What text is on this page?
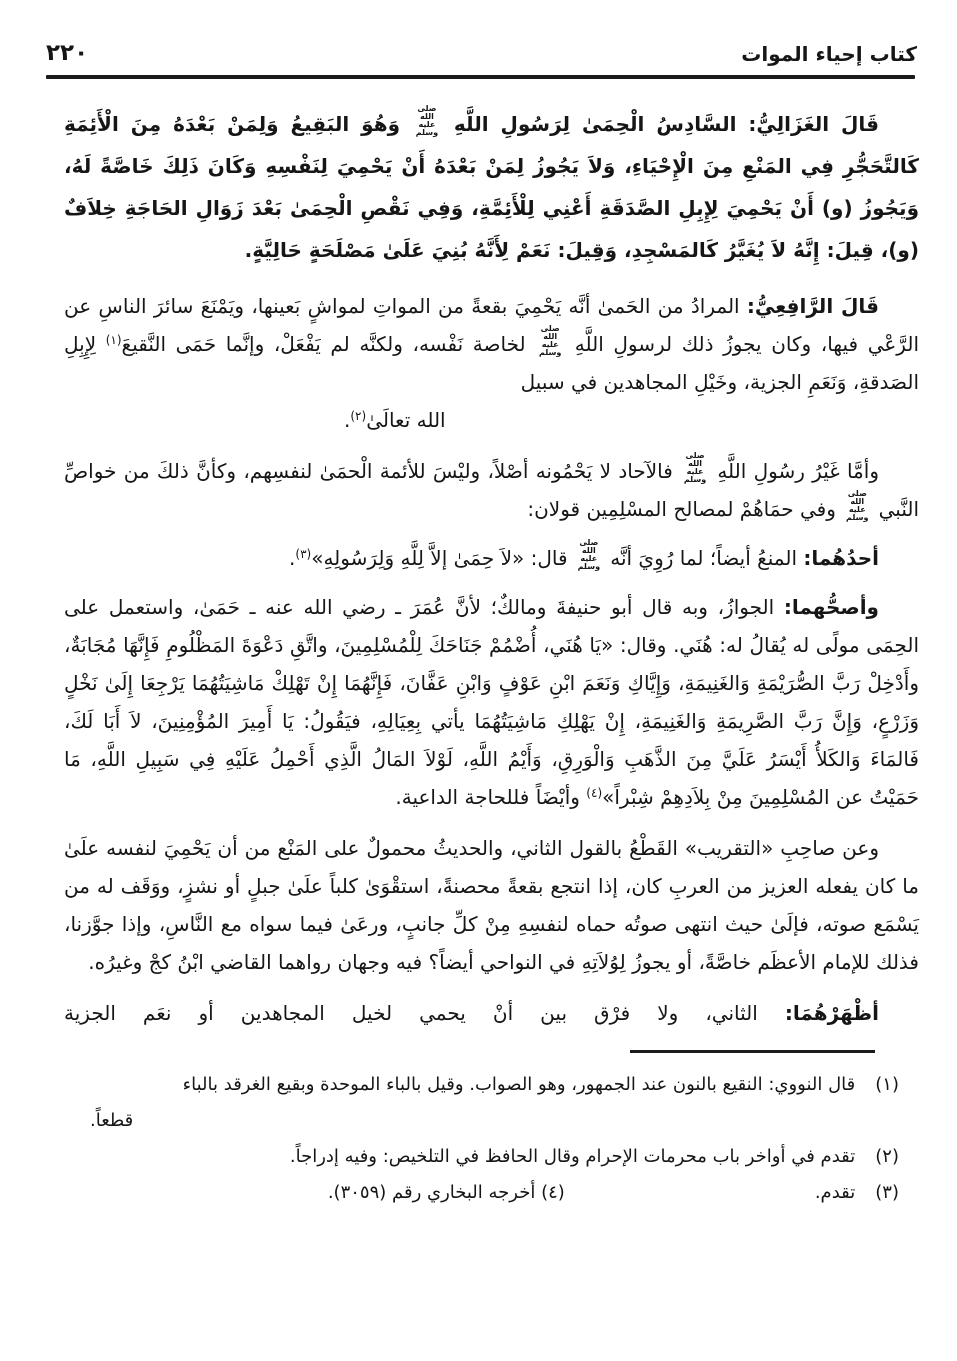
كتاب إحياء الموات
٢٢٠
قَالَ الغَزَالِيُّ: السَّادِسُ الْحِمَىٰ لِرَسُولِ اللَّهِ صلى الله عليه وسلم وَهُوَ البَقِيعُ وَلِمَنْ بَعْدَهُ مِنَ الْأَئِمَةِ كَالتَّحَجُّرِ فِي المَنْعِ مِنَ الْإِحْيَاءِ، وَلاَ يَجُوزُ لِمَنْ بَعْدَهُ أَنْ يَحْمِيَ لِنَفْسِهِ وَكَانَ ذَلِكَ خَاصَّةً لَهُ، وَيَجُوزُ (و) أَنْ يَحْمِيَ لِإِبِلِ الصَّدَقَةِ أَعْنِي لِلْأَئِمَّةِ، وَفِي نَقْصِ الْحِمَىٰ بَعْدَ زَوَالِ الحَاجَةِ خِلاَفٌ (و)، قِيلَ: إِنَّهُ لاَ يُغَيَّرُ كَالمَسْجِدِ، وَقِيلَ: نَعَمْ لِأَنَّهُ بُنِيَ عَلَىٰ مَصْلَحَةٍ حَالِيَّةٍ.
قَالَ الرَّافِعِيُّ: المرادُ من الحَمىٰ أنَّه يَحْمِيَ بقعةً من المواتِ لمواشٍ بَعينها، ويَمْنَعَ سائرَ الناسِ عن الرَّعْي فيها، وكان يجوزُ ذلك لرسولِ اللَّهِ صلى الله عليه وسلم لخاصة نَفْسه، ولكنَّه لم يَفْعَلْ، وإنَّما حَمَى النَّقيعَ$^{(١)}$ لِإِبِلِ الصَدقةِ، وَنَعَمِ الجزية، وخَيْلِ المجاهدين في سبيل
الله تعالَىٰ$^{(٢)}$.
وأمَّا غَيْرُ رسُولِ اللَّهِ صلى الله عليه وسلم فالآحاد لا يَحْمُونه أصْلاً، وليْسَ للأئمة الْحمَىٰ لنفسِهم، وكأنَّ ذلكَ من خواصِّ النَّبي صلى الله عليه وسلم وفي حمَاهُمْ لمصالح المسْلِمِين قولان:
أحدُهُما: المنعُ أيضاً؛ لما رُوِيَ أنَّه صلى الله عليه وسلم قال: «لاَ حِمَىٰ إلاَّ لِلَّهِ وَلِرَسُولِهِ»$^{(٣)}$.
وأصحُّهما: الجوازُ، وبه قال أبو حنيفةَ ومالكٌ؛ لأنَّ عُمَرَ ـ رضي الله عنه ـ حَمَىٰ، واستعمل على الحِمَى مولًى له يُقالُ له: هُنَي. وقال: «يَا هُنَي، أُضْمُمْ جَنَاحَكَ لِلْمُسْلِمِينَ، واتَّقِ دَعْوَةَ المَظْلُومِ فَإِنَّهَا مُجَابَةٌ، وأَدْخِلْ رَبَّ الصُّرَيْمَةِ وَالغَنِيمَةِ، وَإِيَّاكِ وَنَعَمَ ابْنِ عَوْفٍ وَابْنِ عَفَّانَ، فَإِنَّهُمَا إِنْ تَهْلِكْ مَاشِيَتُهُمَا يَرْجِعَا إِلَىٰ نَخْلٍ وَزَرْعٍ، وَإِنَّ رَبَّ الصَّرِيمَةِ وَالغَنِيمَةِ، إِنْ يَهْلِكِ مَاشِيَتُهُمَا يأتي بِعِيَالِهِ، فيَقُولُ: يَا أَمِيرَ المُؤْمِنِينَ، لاَ أَبَا لَكَ، فَالمَاءَ وَالكَلأُ أَيْسَرُ عَلَيَّ مِنَ الذَّهَبِ وَالْوَرِقِ، وَأَيْمُ اللَّهِ، لَوْلاَ المَالُ الَّذِي أَحْمِلُ عَلَيْهِ فِي سَبِيلِ اللَّهِ، مَا حَمَيْتُ عن المُسْلِمِينَ مِنْ بِلاَدِهِمْ شِبْراً»$^{(٤)}$ وأيْضَاً فللحاجة الداعية.
وعن صاحِبِ «التقريب» القَطْعُ بالقول الثاني، والحديثُ محمولٌ على المَنْع من أن يَحْمِيَ لنفسه علَىٰ ما كان يفعله العزيز من العربِ كان، إذا انتجع بقعةً محصنةً، استقْوَىٰ كلباً علَىٰ جبلٍ أو نشزٍ، ووَقَف له من يَسْمَع صوته، فإلَىٰ حيث انتهى صوتُه حماه لنفسِهِ مِنْ كلِّ جانبٍ، ورعَىٰ فيما سواه مع النَّاسِ، وإذا جوَّزنا، فذلك للإمام الأعظَم خاصَّةً، أو يجوزُ لِوُلاَتِهِ في النواحي أيضاً؟ فيه وجهان رواهما القاضي ابْنُ كجْ وغيرُه.
أظْهَرْهُمَا: الثاني، ولا فرْق بين أنْ يحمي لخيل المجاهدين أو نعَم الجزية
(١)
قال النووي: النقيع بالنون عند الجمهور، وهو الصواب. وقيل بالباء الموحدة وبقيع الغرقد بالباء
قطعاً.
(٢)
تقدم في أواخر باب محرمات الإحرام وقال الحافظ في التلخيص: وفيه إدراجاً.
(٣)
تقدم.
(٤) أخرجه البخاري رقم (٣٠٥٩).
